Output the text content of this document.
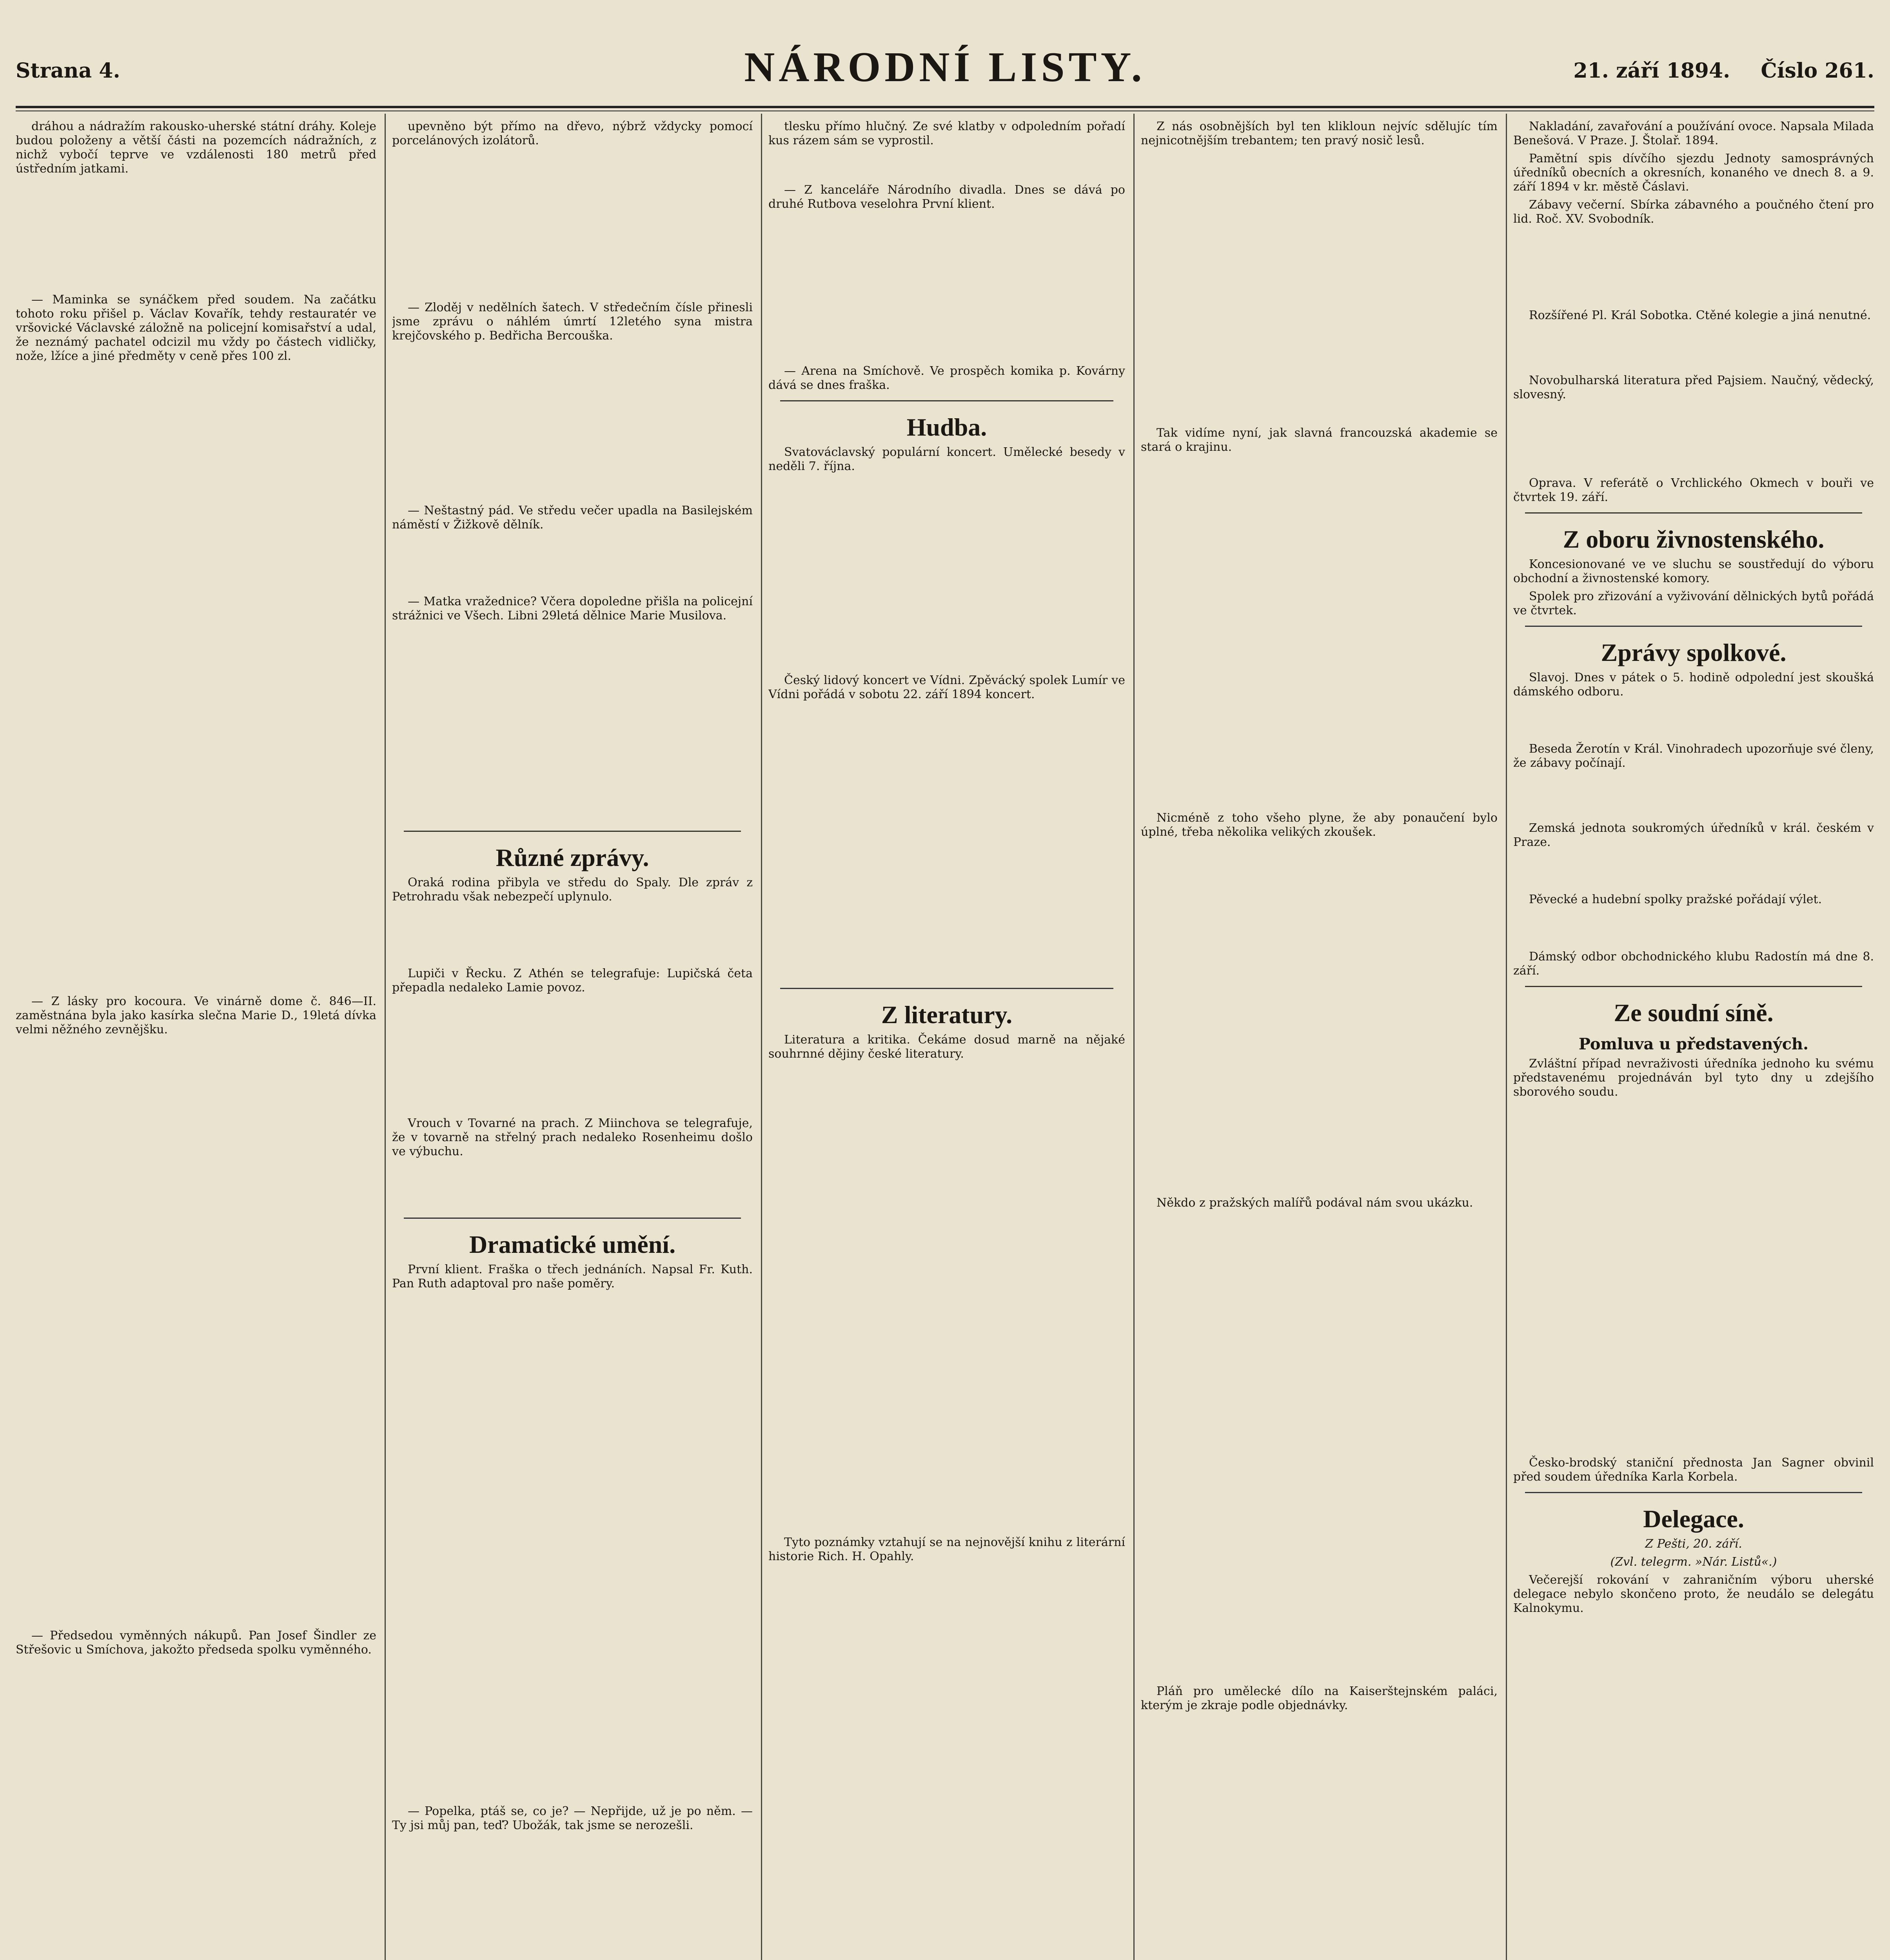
Strana 4.	NÁRODNÍ LISTY.	21. září 1894. Číslo 261.

dráhou a nádražím rakousko-uherské státní dráhy. Koleje budou položeny a větší části na pozemcích nádražních, z nichž vybočí teprve ve vzdálenosti 180 metrů před ústředním jatkami.

— Maminka se synáčkem před soudem. Na začátku tohoto roku přišel p. Václav Kovařík, tehdy restauratér ve vršovické Václavské záložně na policejní komisařství a udal, že neznámý pachatel odcizil mu vždy po částech vidličky, nože, lžíce a jiné předměty v ceně přes 100 zl.

— Z lásky pro kocoura. Ve vinárně dome č. 846—II. zaměstnána byla jako kasírka slečna Marie D., 19letá dívka velmi něžného zevnějšku.

— Předsedou vyměnných nákupů. Pan Josef Šindler ze Střešovic u Smíchova, jakožto předseda spolku vyměnného.

upevněno být přímo na dřevo, nýbrž vždycky pomocí porcelánových izolátorů.

— Zloděj v nedělních šatech. V středečním čísle přinesli jsme zprávu o náhlém úmrtí 12letého syna mistra krejčovského p. Bedřicha Bercouška.

— Neštastný pád. Ve středu večer upadla na Basilejském náměstí v Žižkově dělník.

— Matka vražednice? Včera dopoledne přišla na policejní strážnici ve Všech. Libni 29letá dělnice Marie Musilova.

Různé zprávy.

Oraká rodina přibyla ve středu do Spaly. Dle zpráv z Petrohradu však nebezpečí uplynulo.

Lupiči v Řecku. Z Athén se telegrafuje: Lupičská četa přepadla nedaleko Lamie povoz.

Vrouch v Tovarné na prach. Z Miinchova se telegrafuje, že v tovarně na střelný prach nedaleko Rosenheimu došlo ve výbuchu.

Dramatické umění.

První klient. Fraška o třech jednáních. Napsal Fr. Kuth. Pan Ruth adaptoval pro naše poměry.

— Popelka, ptáš se, co je? — Nepřijde, už je po něm. — Ty jsi můj pan, teď? Ubožák, tak jsme se nerozešli.

tlesku přímo hlučný. Ze své klatby v odpoledním pořadí kus rázem sám se vyprostil.

— Z kanceláře Národního divadla. Dnes se dává po druhé Rutbova veselohra První klient.

— Arena na Smíchově. Ve prospěch komika p. Kovárny dává se dnes fraška.

Hudba.

Svatováclavský populární koncert. Umělecké besedy v neděli 7. října.

Český lidový koncert ve Vídni. Zpěvácký spolek Lumír ve Vídni pořádá v sobotu 22. září 1894 koncert.

Z literatury.

Literatura a kritika. Čekáme dosud marně na nějaké souhrnné dějiny české literatury.

Tyto poznámky vztahují se na nejnovější knihu z literární historie Rich. H. Opahly.

Z nás osobnějších byl ten klikloun nejvíc sdělujíc tím nejnicotnějším trebantem; ten pravý nosič lesů.

Tak vidíme nyní, jak slavná francouzská akademie se stará o krajinu.

Nicméně z toho všeho plyne, že aby ponaučení bylo úplné, třeba několika velikých zkoušek.

Někdo z pražských malířů podával nám svou ukázku.

Pláň pro umělecké dílo na Kaiserštejnském paláci, kterým je zkraje podle objednávky.

Nakladání, zavařování a používání ovoce. Napsala Milada Benešová. V Praze. J. Štolař. 1894.

Pamětní spis dívčího sjezdu Jednoty samosprávných úředníků obecních a okresních, konaného ve dnech 8. a 9. září 1894 v kr. městě Čáslavi.

Zábavy večerní. Sbírka zábavného a poučného čtení pro lid. Roč. XV. Svobodník.

Rozšířené Pl. Král Sobotka. Ctěné kolegie a jiná nenutné.

Novobulharská literatura před Pajsiem. Naučný, vědecký, slovesný.

Oprava. V referátě o Vrchlického Okmech v bouři ve čtvrtek 19. září.

Z oboru živnostenského.

Koncesionované ve ve sluchu se soustředují do výboru obchodní a živnostenské komory.

Spolek pro zřizování a vyživování dělnických bytů pořádá ve čtvrtek.

Zprávy spolkové.

Slavoj. Dnes v pátek o 5. hodině odpolední jest skoušká dámského odboru.

Beseda Žerotín v Král. Vinohradech upozorňuje své členy, že zábavy počínají.

Zemská jednota soukromých úředníků v král. českém v Praze.

Pěvecké a hudební spolky pražské pořádají výlet.

Dámský odbor obchodnického klubu Radostín má dne 8. září.

Ze soudní síně.
Pomluva u představených.

Zvláštní případ nevraživosti úředníka jednoho ku svému představenému projednáván byl tyto dny u zdejšího sborového soudu.

Česko-brodský staniční přednosta Jan Sagner obvinil před soudem úředníka Karla Korbela.

Delegace.
Z Pešti, 20. září.
(Zvl. telegrm. »Nár. Listů«.)

Večerejší rokování v zahraničním výboru uherské delegace nebylo skončeno proto, že neudálo se delegátu Kalnokymu.
